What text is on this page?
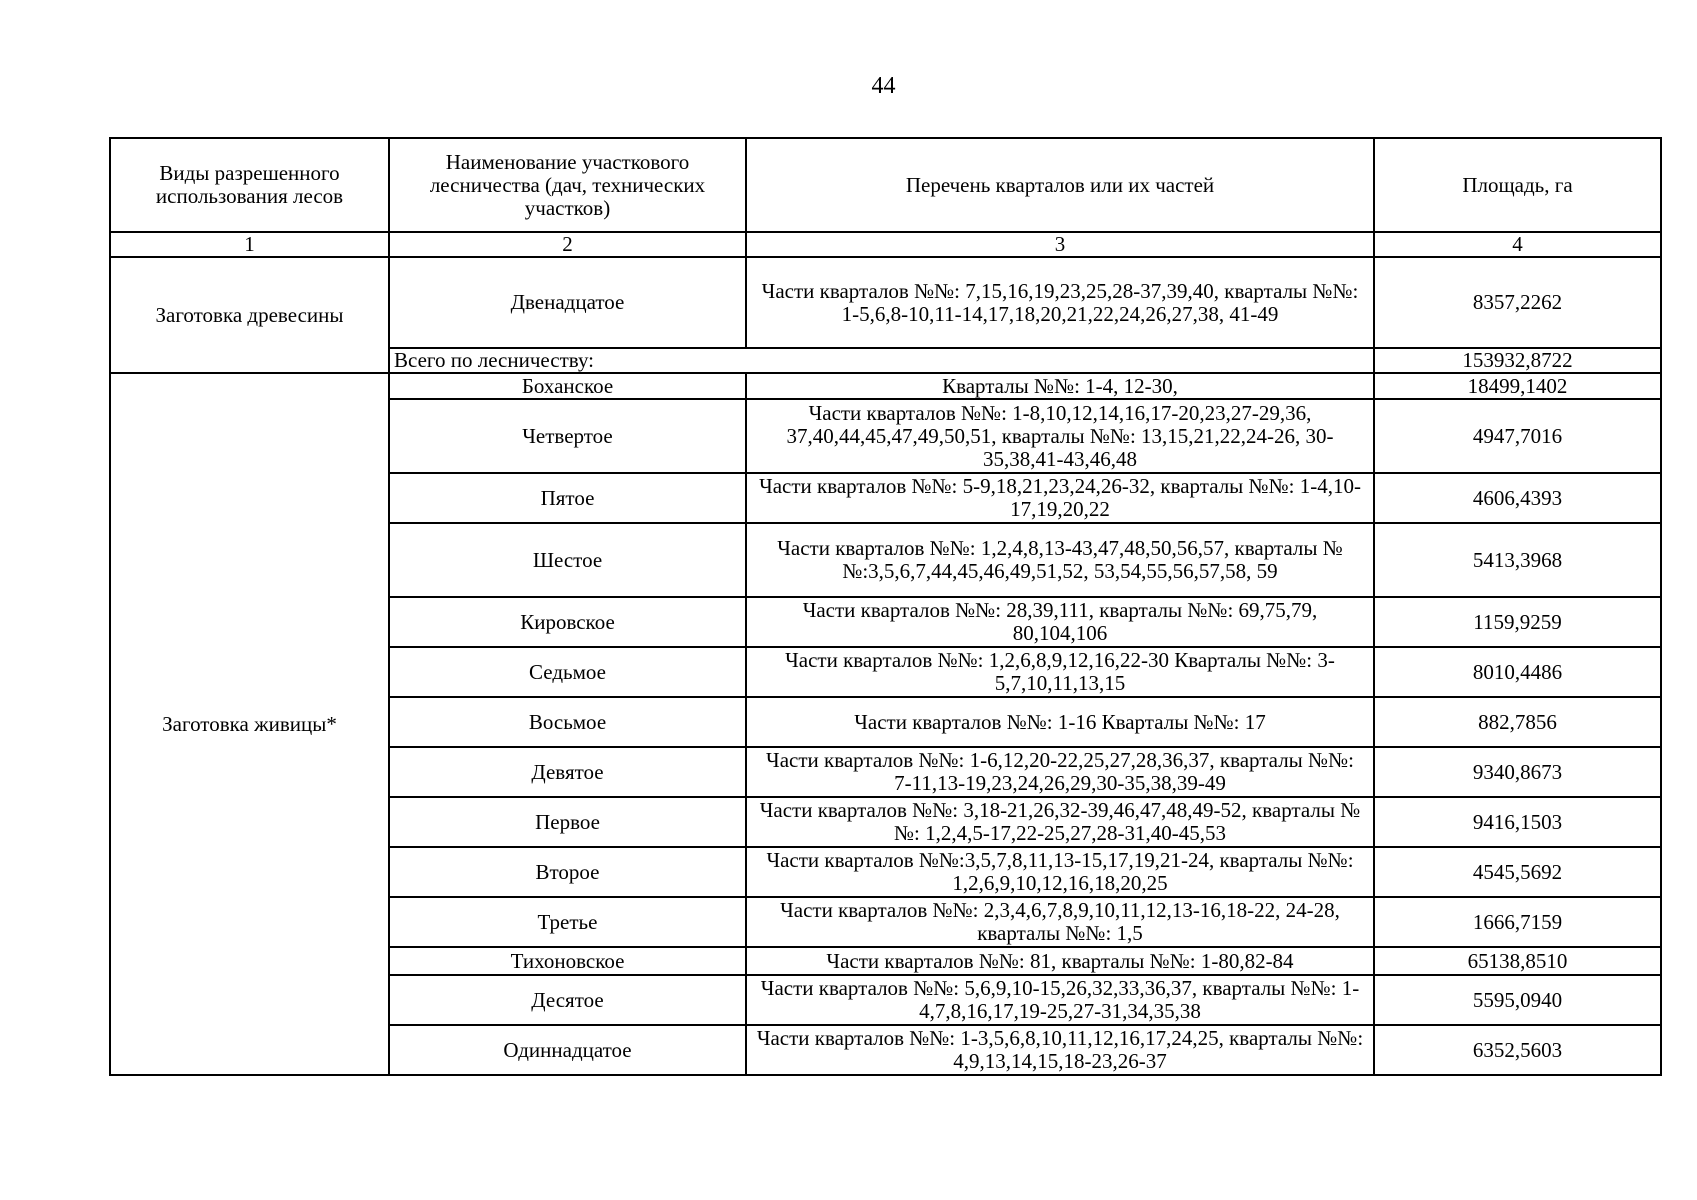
44
Виды разрешенного использования лесов	Наименование участкового лесничества (дач, технических участков)	Перечень кварталов или их частей	Площадь, га
1	2	3	4
Заготовка древесины	Двенадцатое	Части кварталов №№: 7,15,16,19,23,25,28-37,39,40, кварталы №№: 1-5,6,8-10,11-14,17,18,20,21,22,24,26,27,38, 41-49	8357,2262
	Всего по лесничеству:		153932,8722
Заготовка живицы*	Боханское	Кварталы №№: 1-4, 12-30,	18499,1402
	Четвертое	Части кварталов №№: 1-8,10,12,14,16,17-20,23,27-29,36, 37,40,44,45,47,49,50,51, кварталы №№: 13,15,21,22,24-26, 30-35,38,41-43,46,48	4947,7016
	Пятое	Части кварталов №№: 5-9,18,21,23,24,26-32, кварталы №№: 1-4,10-17,19,20,22	4606,4393
	Шестое	Части кварталов №№: 1,2,4,8,13-43,47,48,50,56,57, кварталы №№:3,5,6,7,44,45,46,49,51,52, 53,54,55,56,57,58, 59	5413,3968
	Кировское	Части кварталов №№: 28,39,111, кварталы №№: 69,75,79, 80,104,106	1159,9259
	Седьмое	Части кварталов №№: 1,2,6,8,9,12,16,22-30 Кварталы №№: 3-5,7,10,11,13,15	8010,4486
	Восьмое	Части кварталов №№: 1-16 Кварталы №№: 17	882,7856
	Девятое	Части кварталов №№: 1-6,12,20-22,25,27,28,36,37, кварталы №№: 7-11,13-19,23,24,26,29,30-35,38,39-49	9340,8673
	Первое	Части кварталов №№: 3,18-21,26,32-39,46,47,48,49-52, кварталы №№: 1,2,4,5-17,22-25,27,28-31,40-45,53	9416,1503
	Второе	Части кварталов №№:3,5,7,8,11,13-15,17,19,21-24, кварталы №№: 1,2,6,9,10,12,16,18,20,25	4545,5692
	Третье	Части кварталов №№: 2,3,4,6,7,8,9,10,11,12,13-16,18-22, 24-28, кварталы №№: 1,5	1666,7159
	Тихоновское	Части кварталов №№: 81, кварталы №№: 1-80,82-84	65138,8510
	Десятое	Части кварталов №№: 5,6,9,10-15,26,32,33,36,37, кварталы №№: 1-4,7,8,16,17,19-25,27-31,34,35,38	5595,0940
	Одиннадцатое	Части кварталов №№: 1-3,5,6,8,10,11,12,16,17,24,25, кварталы №№: 4,9,13,14,15,18-23,26-37	6352,5603
